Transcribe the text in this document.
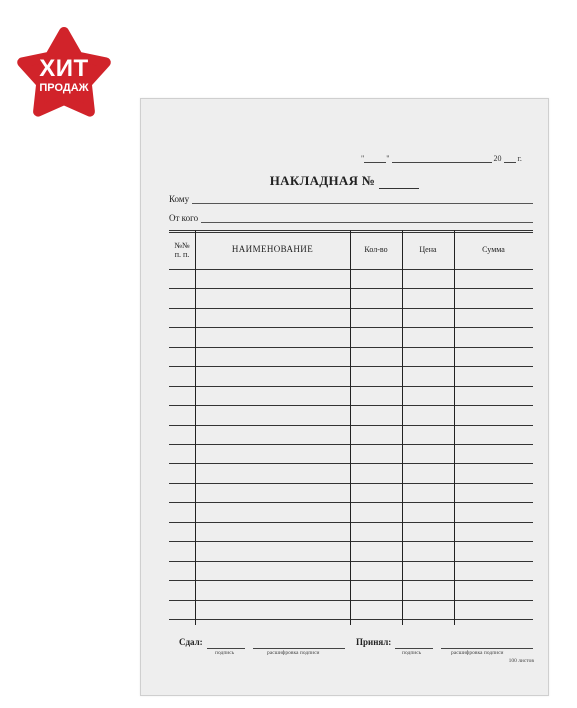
ХИТ
ПРОДАЖ
"	"	20 г.
НАКЛАДНАЯ №
Кому
От кого
№№
п. п.	НАИМЕНОВАНИЕ	Кол-во	Цена	Сумма
Сдал:
подпись	расшифровка подписи
Принял:
подпись	расшифровка подписи
100 листов
